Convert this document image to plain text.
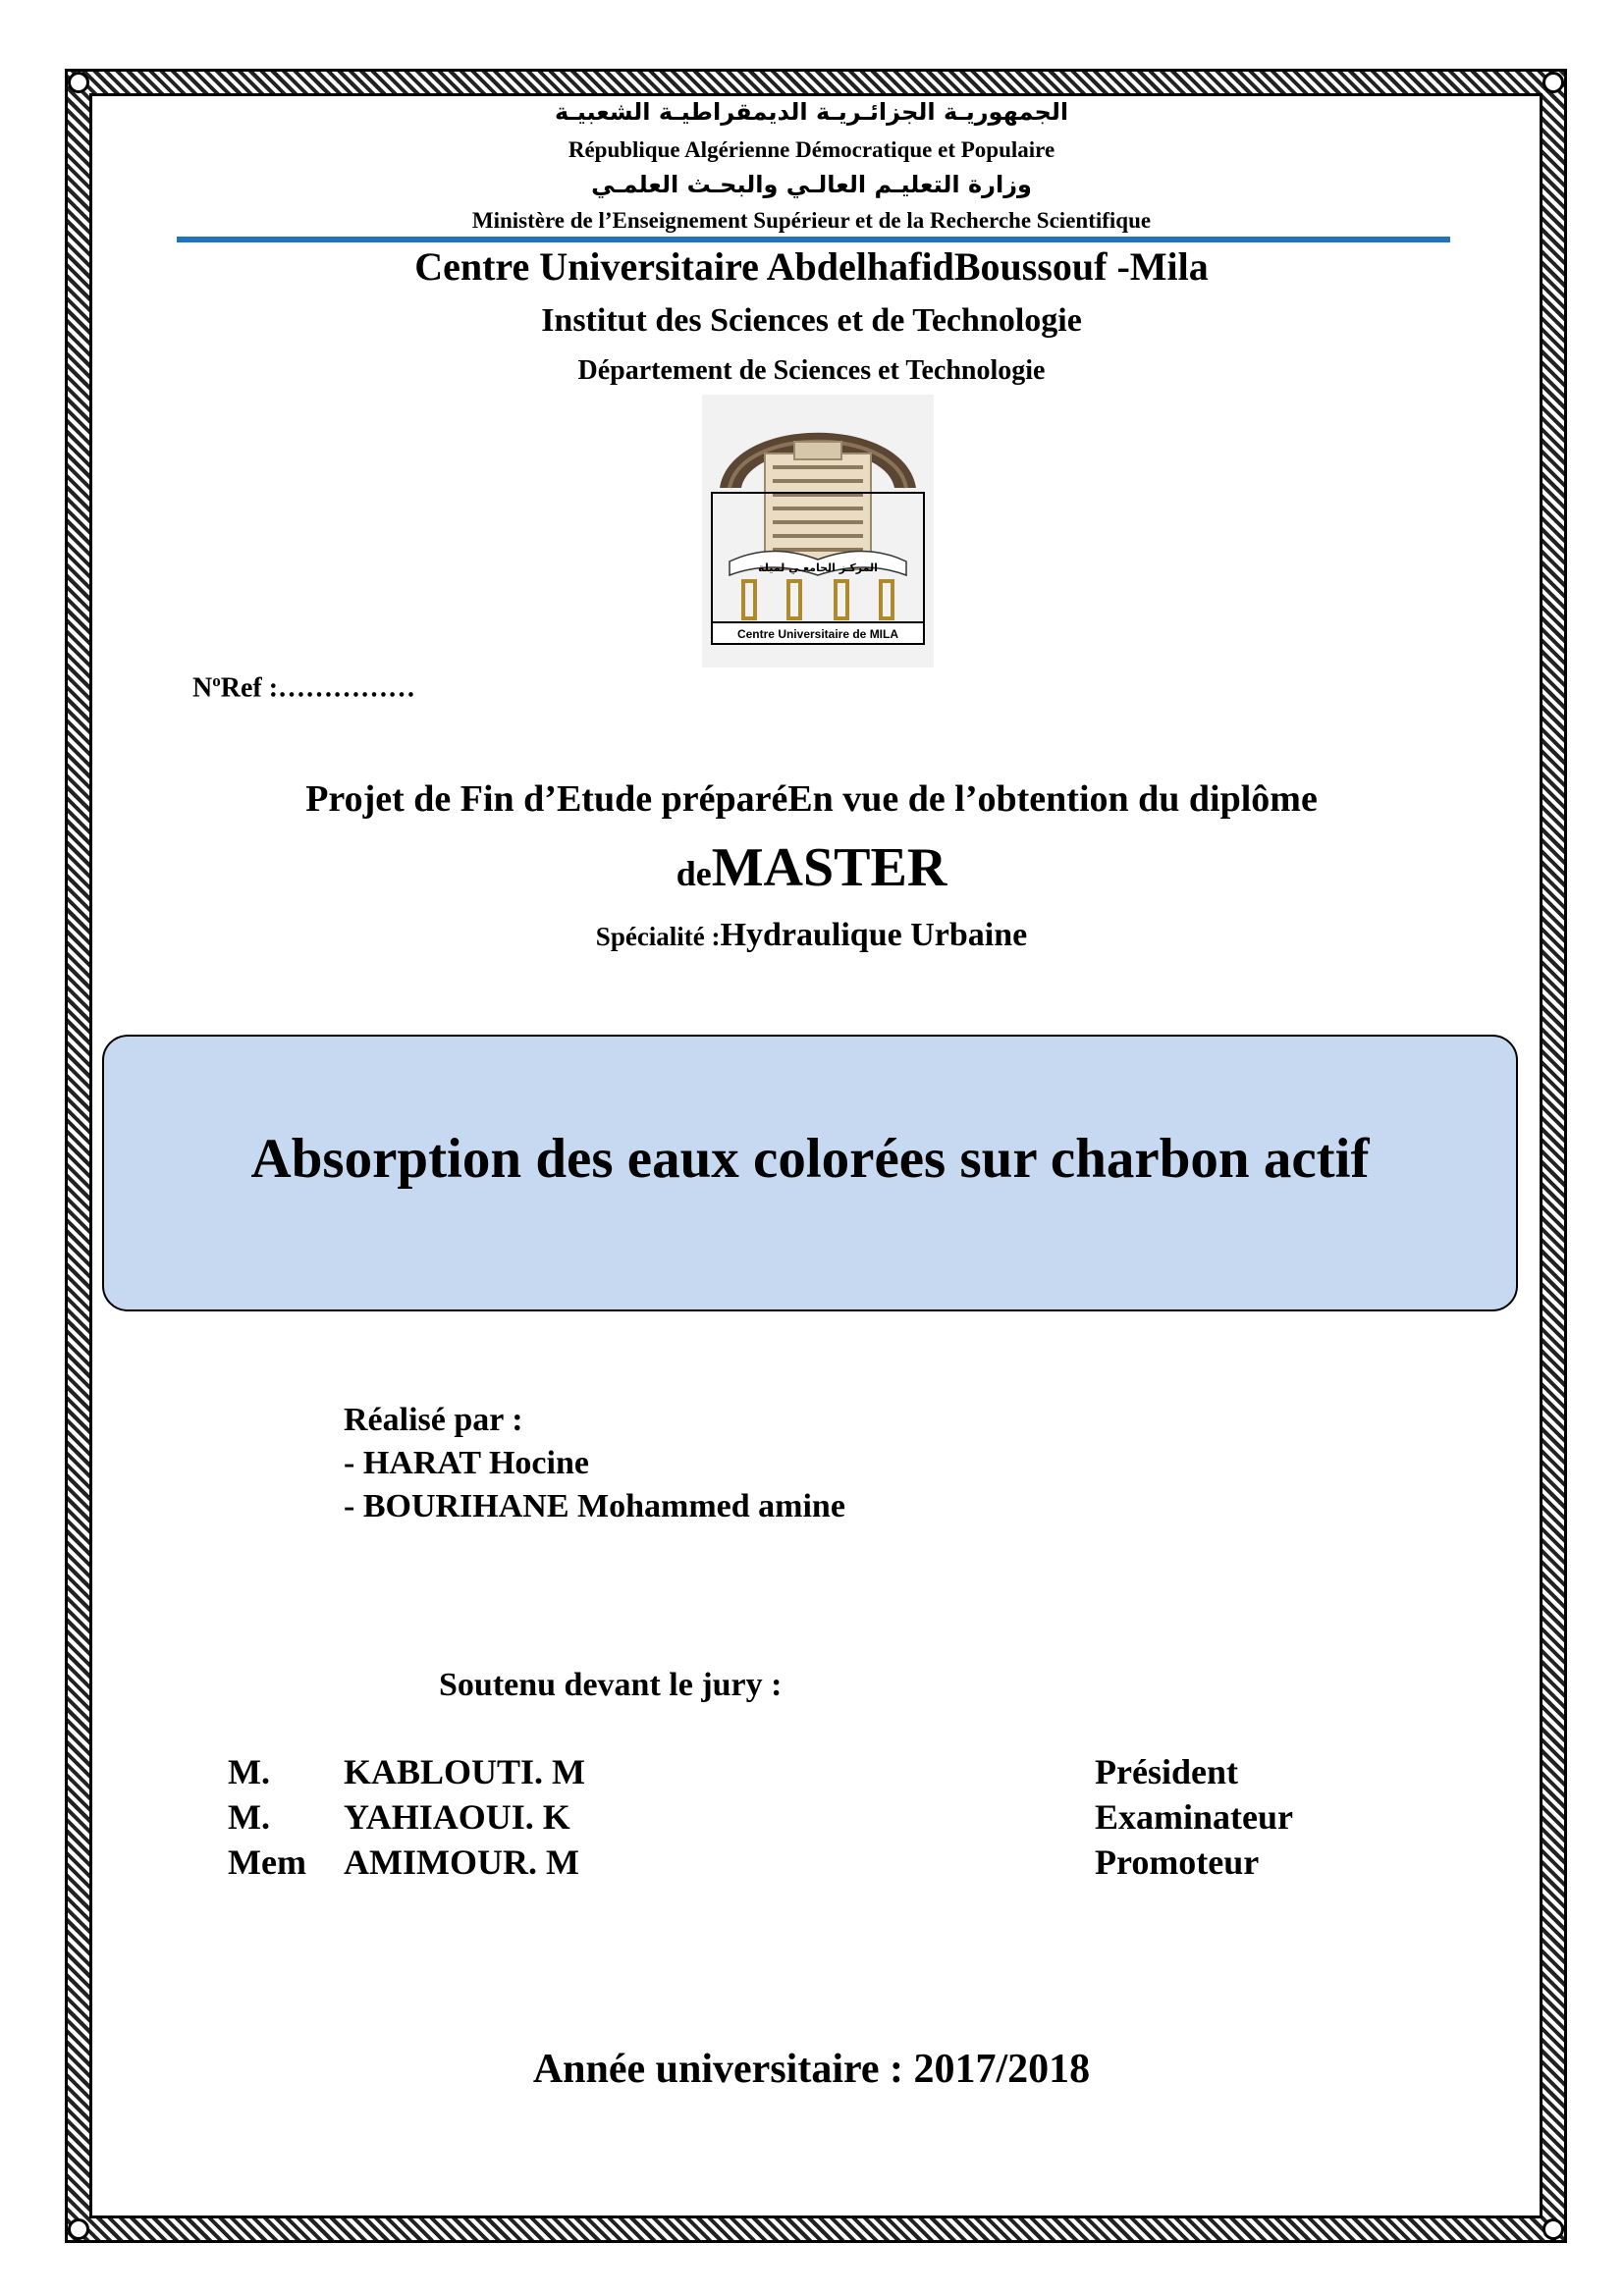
الجمهوريـة الجزائـريـة الديمقراطيـة الشعبيـة
République Algérienne Démocratique et Populaire
وزارة التعليـم العالـي والبحـث العلمـي
Ministère de l’Enseignement Supérieur et de la Recherche Scientifique
Centre Universitaire AbdelhafidBoussouf -Mila
Institut des Sciences et de Technologie
Département de Sciences et Technologie
المركـز الجامعـي لميلة
Centre Universitaire de MILA
$N^oRef$ :……………
Projet de Fin d’Etude préparéEn vue de l’obtention du diplôme
deMASTER
Spécialité :Hydraulique Urbaine
Absorption des eaux colorées sur charbon actif
Réalisé par :
- HARAT Hocine
- BOURIHANE Mohammed amine
Soutenu devant le jury :
M. KABLOUTI. M	Président
M. YAHIAOUI. K	Examinateur
Mem AMIMOUR. M	Promoteur
Année universitaire : 2017/2018
